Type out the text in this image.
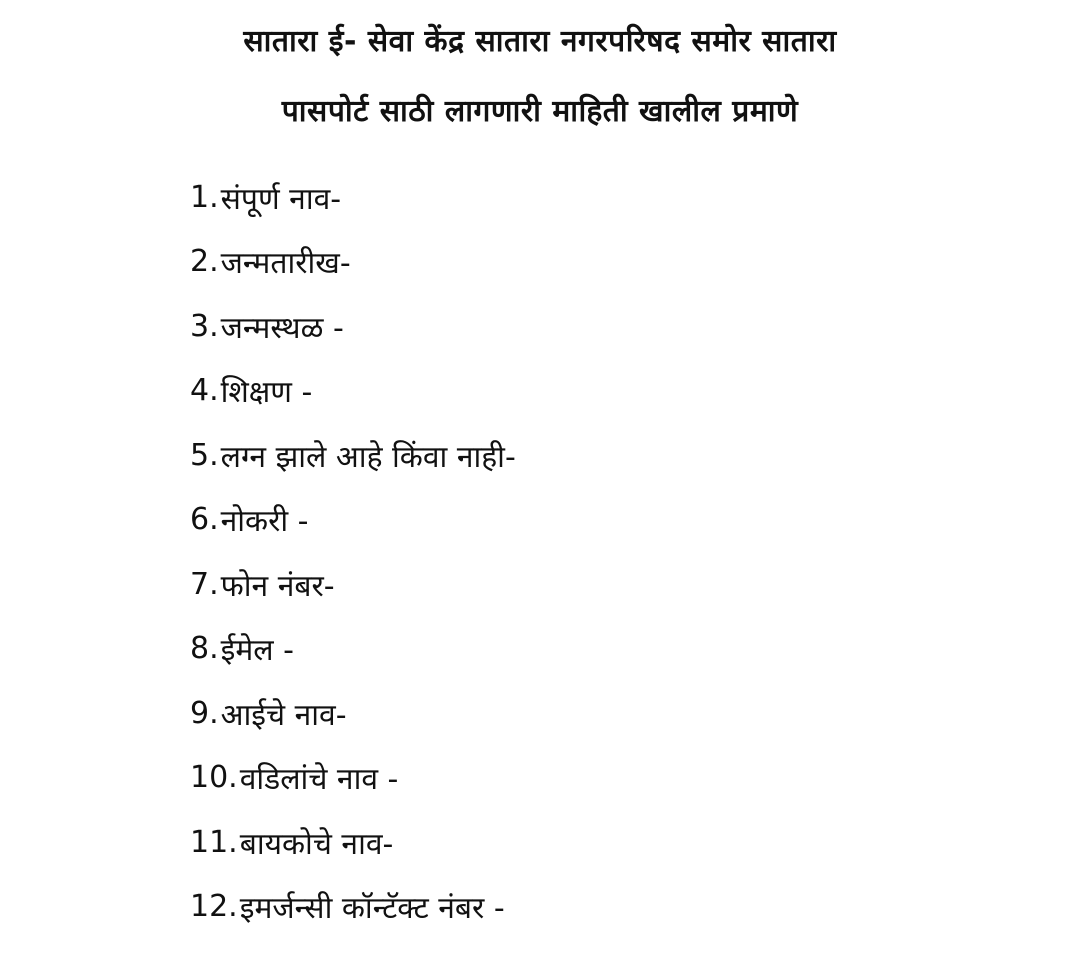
सातारा ई- सेवा केंद्र सातारा नगरपरिषद समोर सातारा
पासपोर्ट साठी लागणारी माहिती खालील प्रमाणे
1. संपूर्ण नाव-
2. जन्मतारीख-
3. जन्मस्थळ -
4. शिक्षण -
5. लग्न झाले आहे किंवा नाही-
6. नोकरी -
7. फोन नंबर-
8. ईमेल -
9. आईचे नाव-
10. वडिलांचे नाव -
11. बायकोचे नाव-
12. इमर्जन्सी कॉन्टॅक्ट नंबर -
